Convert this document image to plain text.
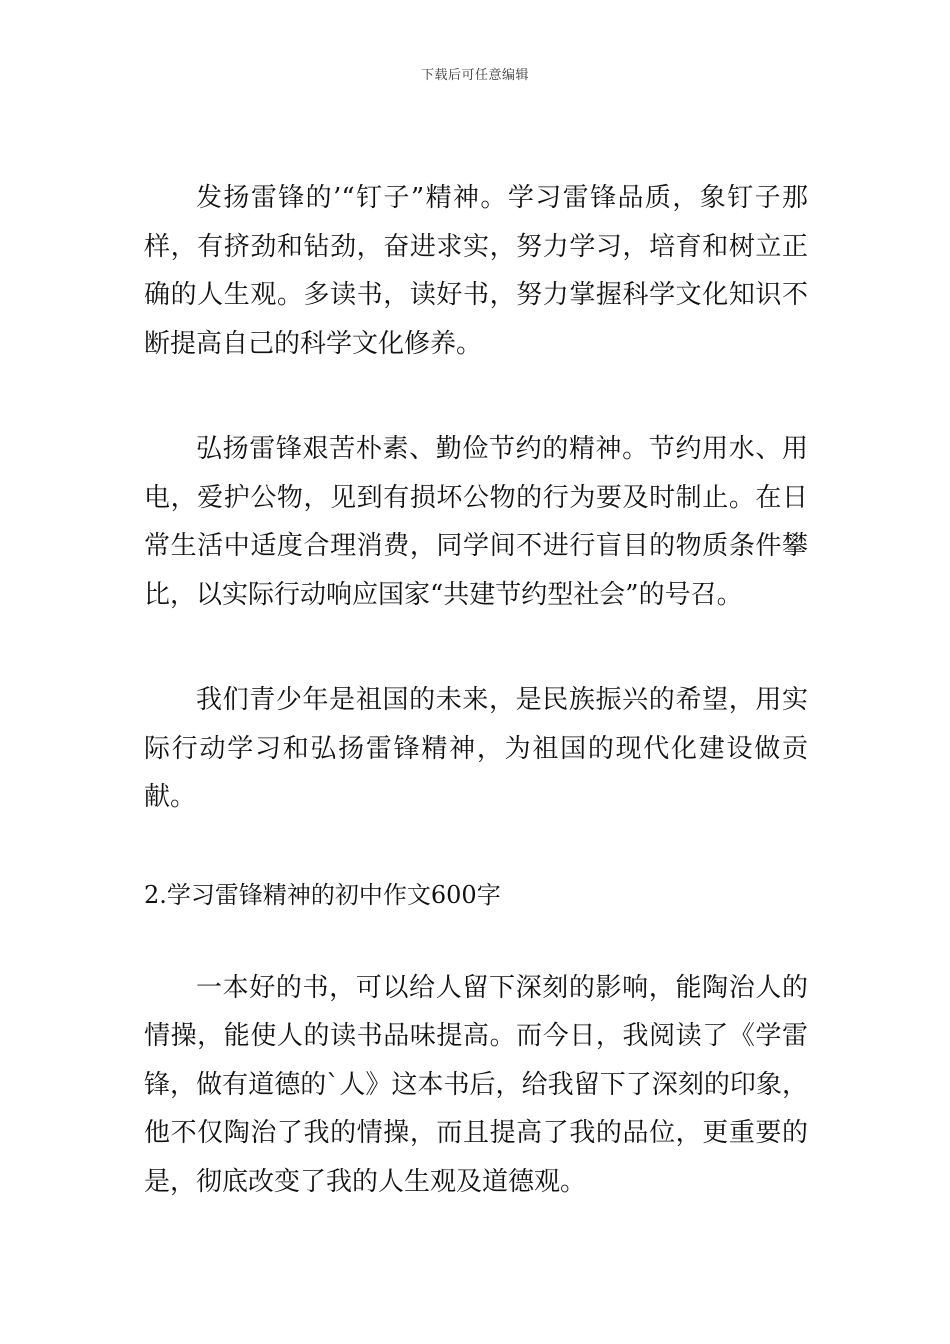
下载后可任意编辑

发扬雷锋的’“钉子”精神。学习雷锋品质，象钉子那样，有挤劲和钻劲，奋进求实，努力学习，培育和树立正确的人生观。多读书，读好书，努力掌握科学文化知识不断提高自己的科学文化修养。

弘扬雷锋艰苦朴素、勤俭节约的精神。节约用水、用电，爱护公物，见到有损坏公物的行为要及时制止。在日常生活中适度合理消费，同学间不进行盲目的物质条件攀比，以实际行动响应国家“共建节约型社会”的号召。

我们青少年是祖国的未来，是民族振兴的希望，用实际行动学习和弘扬雷锋精神，为祖国的现代化建设做贡献。

2.学习雷锋精神的初中作文600字

一本好的书，可以给人留下深刻的影响，能陶治人的情操，能使人的读书品味提高。而今日，我阅读了《学雷锋，做有道德的`人》这本书后，给我留下了深刻的印象，他不仅陶治了我的情操，而且提高了我的品位，更重要的是，彻底改变了我的人生观及道德观。
